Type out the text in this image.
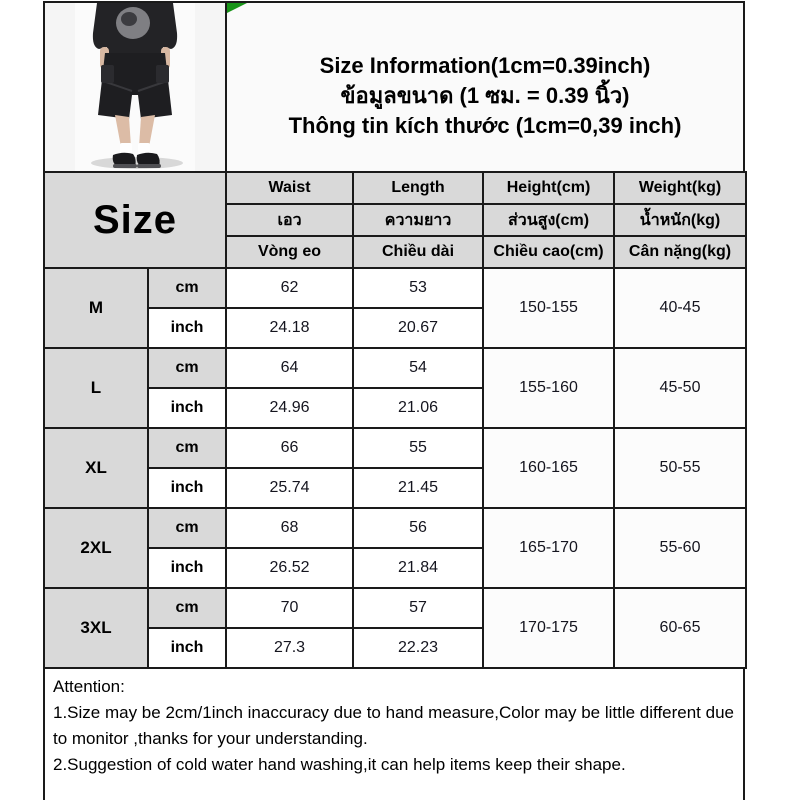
Size Information(1cm=0.39inch)
ข้อมูลขนาด (1 ซม. = 0.39 นิ้ว)
Thông tin kích thước (1cm=0,39 inch)
Size		Waist	Length	Height(cm)	Weight(kg)
		เอว	ความยาว	ส่วนสูง(cm)	น้ำหนัก(kg)
		Vòng eo	Chiều dài	Chiều cao(cm)	Cân nặng(kg)
M	cm	62	53	150-155	40-45
	inch	24.18	20.67		
L	cm	64	54	155-160	45-50
	inch	24.96	21.06		
XL	cm	66	55	160-165	50-55
	inch	25.74	21.45		
2XL	cm	68	56	165-170	55-60
	inch	26.52	21.84		
3XL	cm	70	57	170-175	60-65
	inch	27.3	22.23		
Attention:
1.Size may be 2cm/1inch inaccuracy due to hand measure,Color may be little different due to monitor ,thanks for your understanding.
2.Suggestion of cold water hand washing,it can help items keep their shape.
